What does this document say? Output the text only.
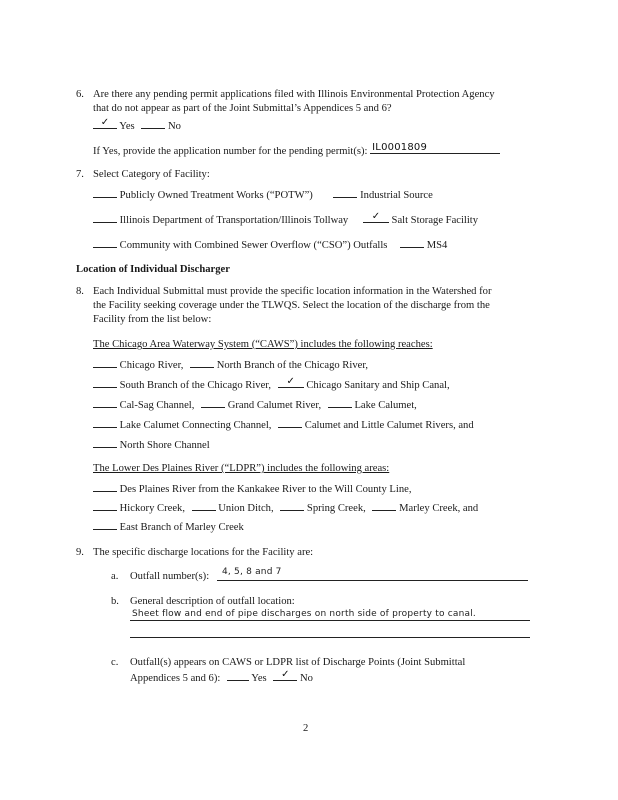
6. Are there any pending permit applications filed with Illinois Environmental Protection Agency
that do not appear as part of the Joint Submittal’s Appendices 5 and 6?
✓ Yes	No
If Yes, provide the application number for the pending permit(s): IL0001809
7. Select Category of Facility:
Publicly Owned Treatment Works (“POTW”)	Industrial Source
Illinois Department of Transportation/Illinois Tollway	✓	Salt Storage Facility
Community with Combined Sewer Overflow (“CSO”) Outfalls	MS4
Location of Individual Discharger
8. Each Individual Submittal must provide the specific location information in the Watershed for
the Facility seeking coverage under the TLWQS. Select the location of the discharge from the
Facility from the list below:
The Chicago Area Waterway System (“CAWS”) includes the following reaches:
Chicago River,	North Branch of the Chicago River,
South Branch of the Chicago River,	✓	Chicago Sanitary and Ship Canal,
Cal-Sag Channel,	Grand Calumet River,	Lake Calumet,
Lake Calumet Connecting Channel,	Calumet and Little Calumet Rivers, and
North Shore Channel
The Lower Des Plaines River (“LDPR”) includes the following areas:
Des Plaines River from the Kankakee River to the Will County Line,
Hickory Creek,	Union Ditch,	Spring Creek,	Marley Creek, and
East Branch of Marley Creek
9. The specific discharge locations for the Facility are:
a. Outfall number(s): 4, 5, 8 and 7
b. General description of outfall location:
Sheet flow and end of pipe discharges on north side of property to canal.
c. Outfall(s) appears on CAWS or LDPR list of Discharge Points (Joint Submittal
Appendices 5 and 6):	Yes	✓ No
2
